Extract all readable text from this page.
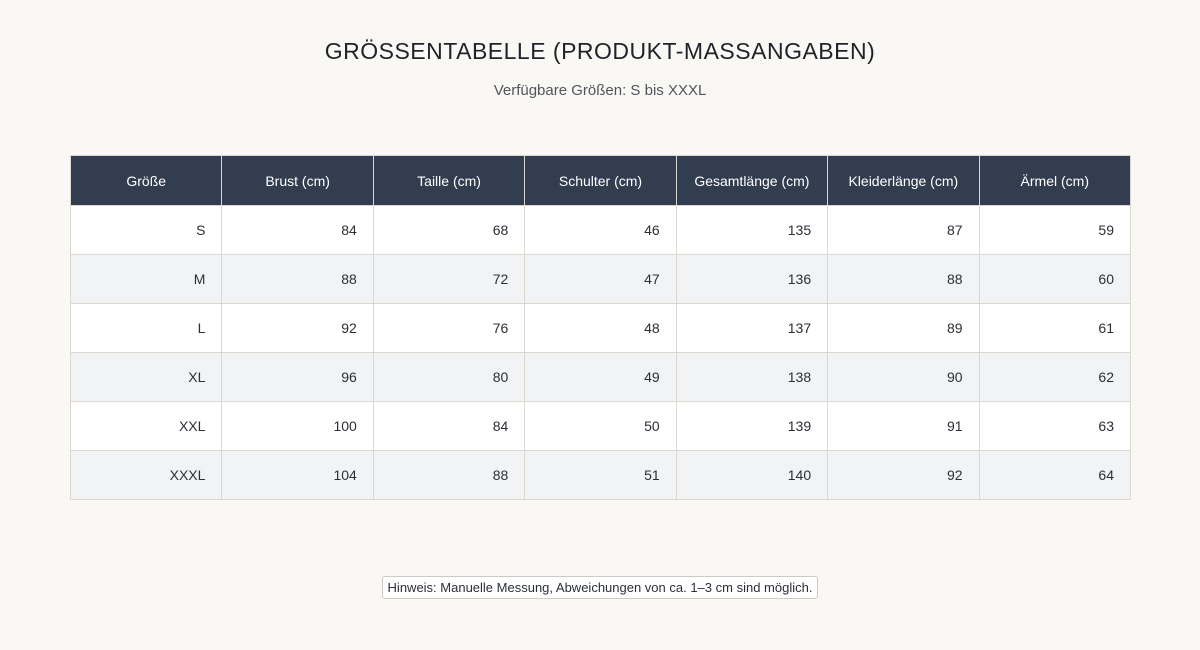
GRÖSSENTABELLE (PRODUKT-MASSANGABEN)
Verfügbare Größen: S bis XXXL
Größe	Brust (cm)	Taille (cm)	Schulter (cm)	Gesamtlänge (cm)	Kleiderlänge (cm)	Ärmel (cm)
S	84	68	46	135	87	59
M	88	72	47	136	88	60
L	92	76	48	137	89	61
XL	96	80	49	138	90	62
XXL	100	84	50	139	91	63
XXXL	104	88	51	140	92	64
Hinweis: Manuelle Messung, Abweichungen von ca. 1–3 cm sind möglich.
